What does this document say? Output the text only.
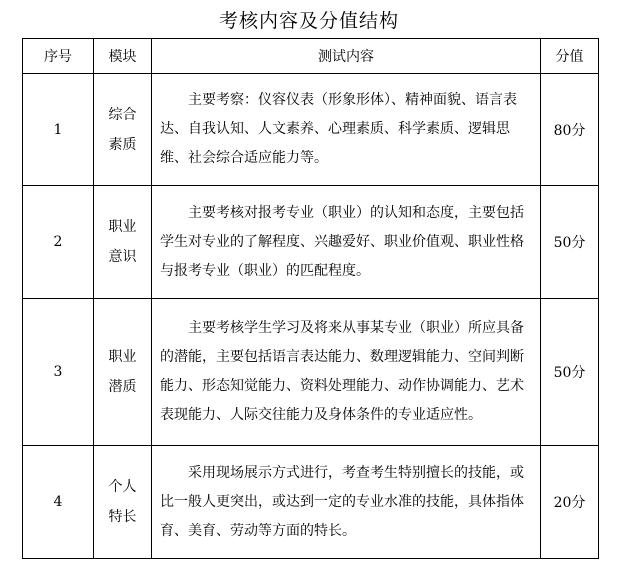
考核内容及分值结构
序号	模块	测试内容	分值
1	综合素质	主要考察：仪容仪表（形象形体）、精神面貌、语言表达、自我认知、人文素养、心理素质、科学素质、逻辑思维、社会综合适应能力等。	80分
2	职业意识	主要考核对报考专业（职业）的认知和态度，主要包括学生对专业的了解程度、兴趣爱好、职业价值观、职业性格与报考专业（职业）的匹配程度。	50分
3	职业潜质	主要考核学生学习及将来从事某专业（职业）所应具备的潜能，主要包括语言表达能力、数理逻辑能力、空间判断能力、形态知觉能力、资料处理能力、动作协调能力、艺术表现能力、人际交往能力及身体条件的专业适应性。	50分
4	个人特长	采用现场展示方式进行，考查考生特别擅长的技能，或比一般人更突出，或达到一定的专业水准的技能，具体指体育、美育、劳动等方面的特长。	20分
